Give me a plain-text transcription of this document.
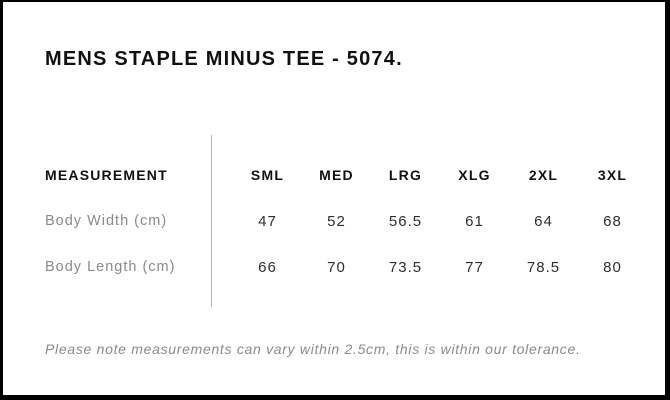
MENS STAPLE MINUS TEE - 5074.
MEASUREMENT	SML	MED	LRG	XLG	2XL	3XL
Body Width (cm)	47	52	56.5	61	64	68
Body Length (cm)	66	70	73.5	77	78.5	80

Please note measurements can vary within 2.5cm, this is within our tolerance.
